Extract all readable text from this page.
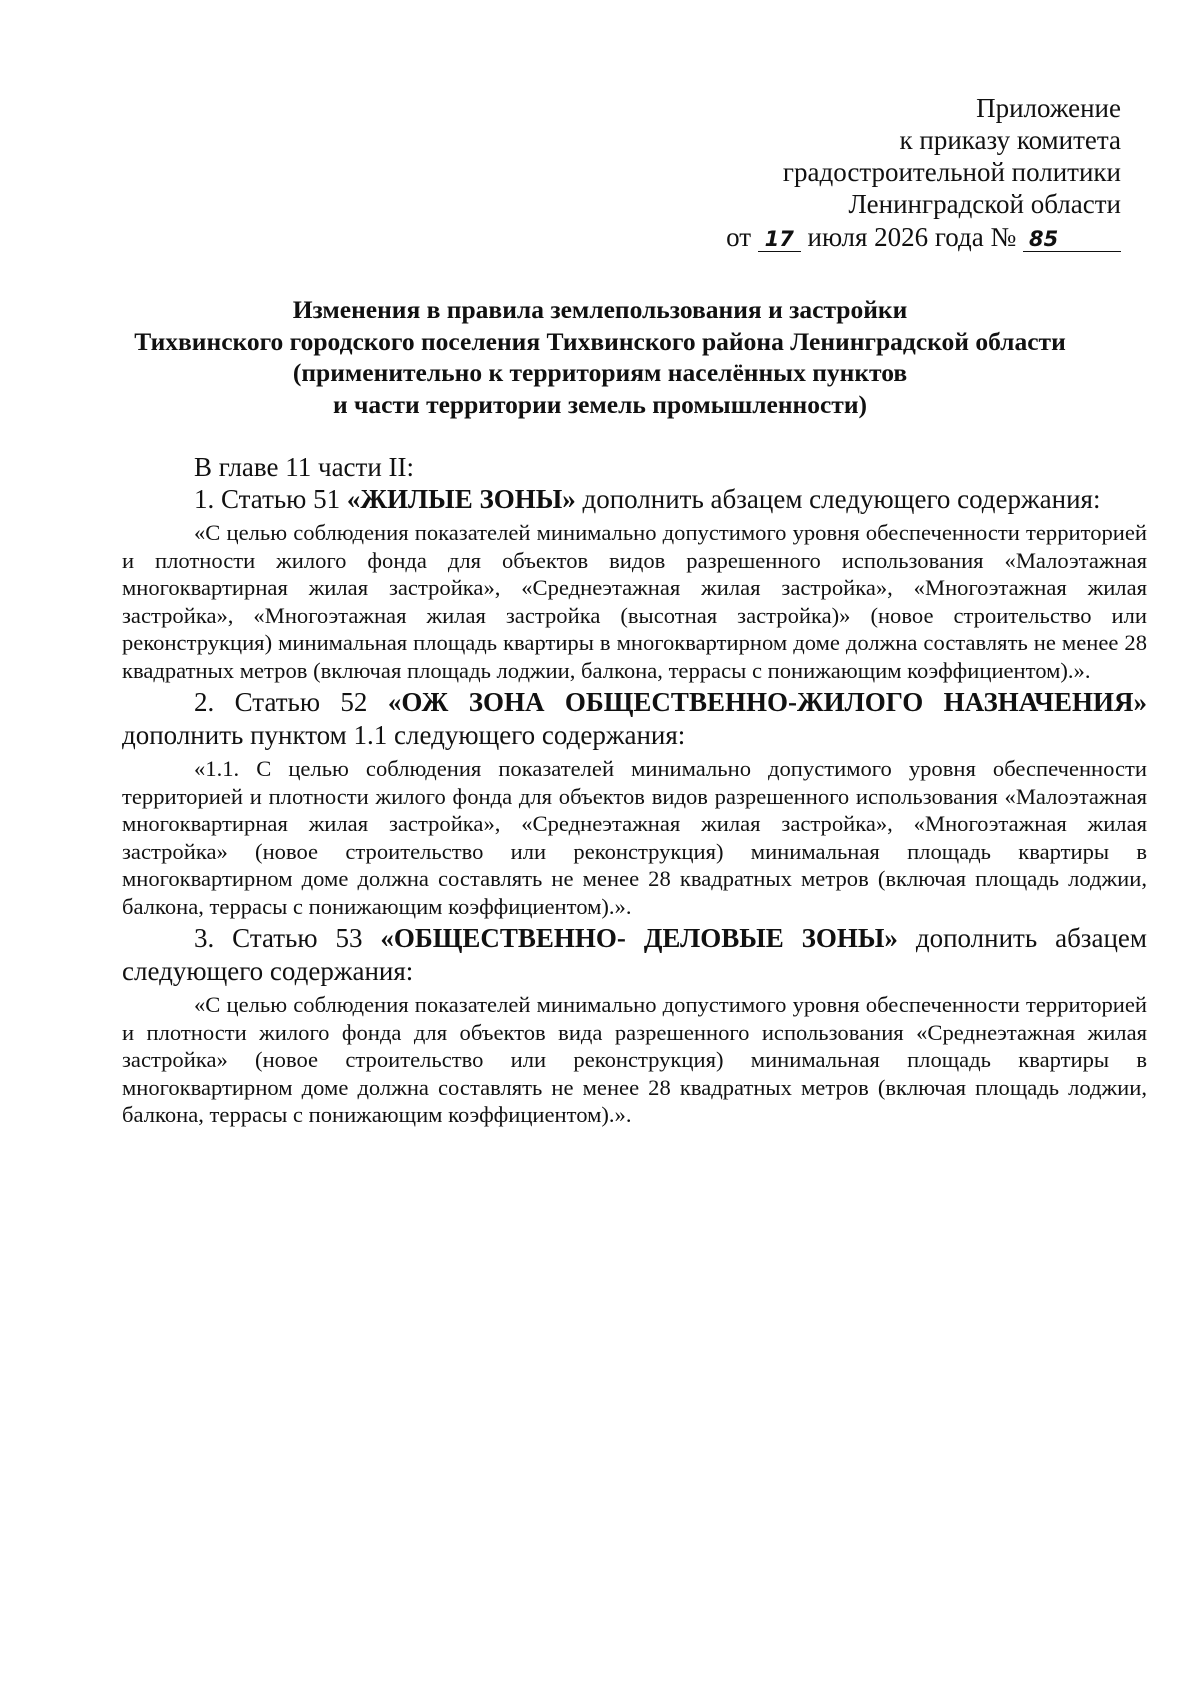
Приложение
к приказу комитета
градостроительной политики
Ленинградской области
от 17 июля 2026 года № 85
Изменения в правила землепользования и застройки
Тихвинского городского поселения Тихвинского района Ленинградской области
(применительно к территориям населённых пунктов
и части территории земель промышленности)
В главе 11 части II:
1. Статью 51 «ЖИЛЫЕ ЗОНЫ» дополнить абзацем следующего содержания:
«С целью соблюдения показателей минимально допустимого уровня обеспеченности территорией и плотности жилого фонда для объектов видов разрешенного использования «Малоэтажная многоквартирная жилая застройка», «Среднеэтажная жилая застройка», «Многоэтажная жилая застройка», «Многоэтажная жилая застройка (высотная застройка)» (новое строительство или реконструкция) минимальная площадь квартиры в многоквартирном доме должна составлять не менее 28 квадратных метров (включая площадь лоджии, балкона, террасы с понижающим коэффициентом).».
2. Статью 52 «ОЖ ЗОНА ОБЩЕСТВЕННО-ЖИЛОГО НАЗНАЧЕНИЯ» дополнить пунктом 1.1 следующего содержания:
«1.1. С целью соблюдения показателей минимально допустимого уровня обеспеченности территорией и плотности жилого фонда для объектов видов разрешенного использования «Малоэтажная многоквартирная жилая застройка», «Среднеэтажная жилая застройка», «Многоэтажная жилая застройка» (новое строительство или реконструкция) минимальная площадь квартиры в многоквартирном доме должна составлять не менее 28 квадратных метров (включая площадь лоджии, балкона, террасы с понижающим коэффициентом).».
3. Статью 53 «ОБЩЕСТВЕННО- ДЕЛОВЫЕ ЗОНЫ» дополнить абзацем следующего содержания:
«С целью соблюдения показателей минимально допустимого уровня обеспеченности территорией и плотности жилого фонда для объектов вида разрешенного использования «Среднеэтажная жилая застройка» (новое строительство или реконструкция) минимальная площадь квартиры в многоквартирном доме должна составлять не менее 28 квадратных метров (включая площадь лоджии, балкона, террасы с понижающим коэффициентом).».
